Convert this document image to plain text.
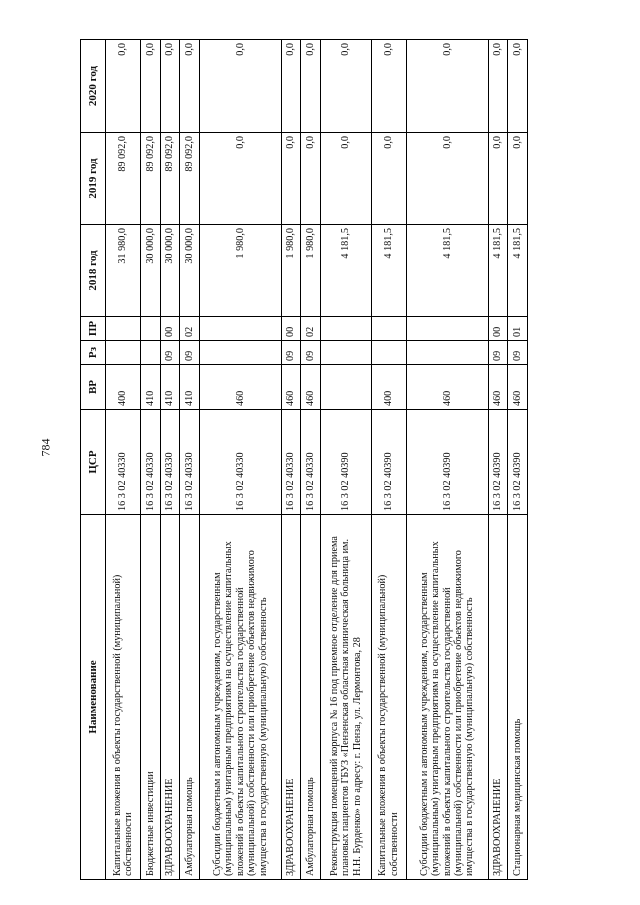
784
Наименование	ЦСР	ВР	Рз	ПР	2018 год	2019 год	2020 год
Капитальные вложения в объекты государственной (муниципальной) собственности	16 3 02 40330	400			31 980,0	89 092,0	0,0
Бюджетные инвестиции	16 3 02 40330	410			30 000,0	89 092,0	0,0
ЗДРАВООХРАНЕНИЕ	16 3 02 40330	410	09	00	30 000,0	89 092,0	0,0
Амбулаторная помощь	16 3 02 40330	410	09	02	30 000,0	89 092,0	0,0
Субсидии бюджетным и автономным учреждениям, государственным (муниципальным) унитарным предприятиям на осуществление капитальных вложений в объекты капитального строительства государственной (муниципальной) собственности или приобретение объектов недвижимого имущества в государственную (муниципальную) собственность	16 3 02 40330	460			1 980,0	0,0	0,0
ЗДРАВООХРАНЕНИЕ	16 3 02 40330	460	09	00	1 980,0	0,0	0,0
Амбулаторная помощь	16 3 02 40330	460	09	02	1 980,0	0,0	0,0
Реконструкция помещений корпуса № 16 под приемное отделение для приема плановых пациентов ГБУЗ «Пензенская областная клиническая больница им. Н.Н. Бурденко» по адресу: г. Пенза, ул. Лермонтова, 28	16 3 02 40390				4 181,5	0,0	0,0
Капитальные вложения в объекты государственной (муниципальной) собственности	16 3 02 40390	400			4 181,5	0,0	0,0
Субсидии бюджетным и автономным учреждениям, государственным (муниципальным) унитарным предприятиям на осуществление капитальных вложений в объекты капитального строительства государственной (муниципальной) собственности или приобретение объектов недвижимого имущества в государственную (муниципальную) собственность	16 3 02 40390	460			4 181,5	0,0	0,0
ЗДРАВООХРАНЕНИЕ	16 3 02 40390	460	09	00	4 181,5	0,0	0,0
Стационарная медицинская помощь	16 3 02 40390	460	09	01	4 181,5	0,0	0,0
